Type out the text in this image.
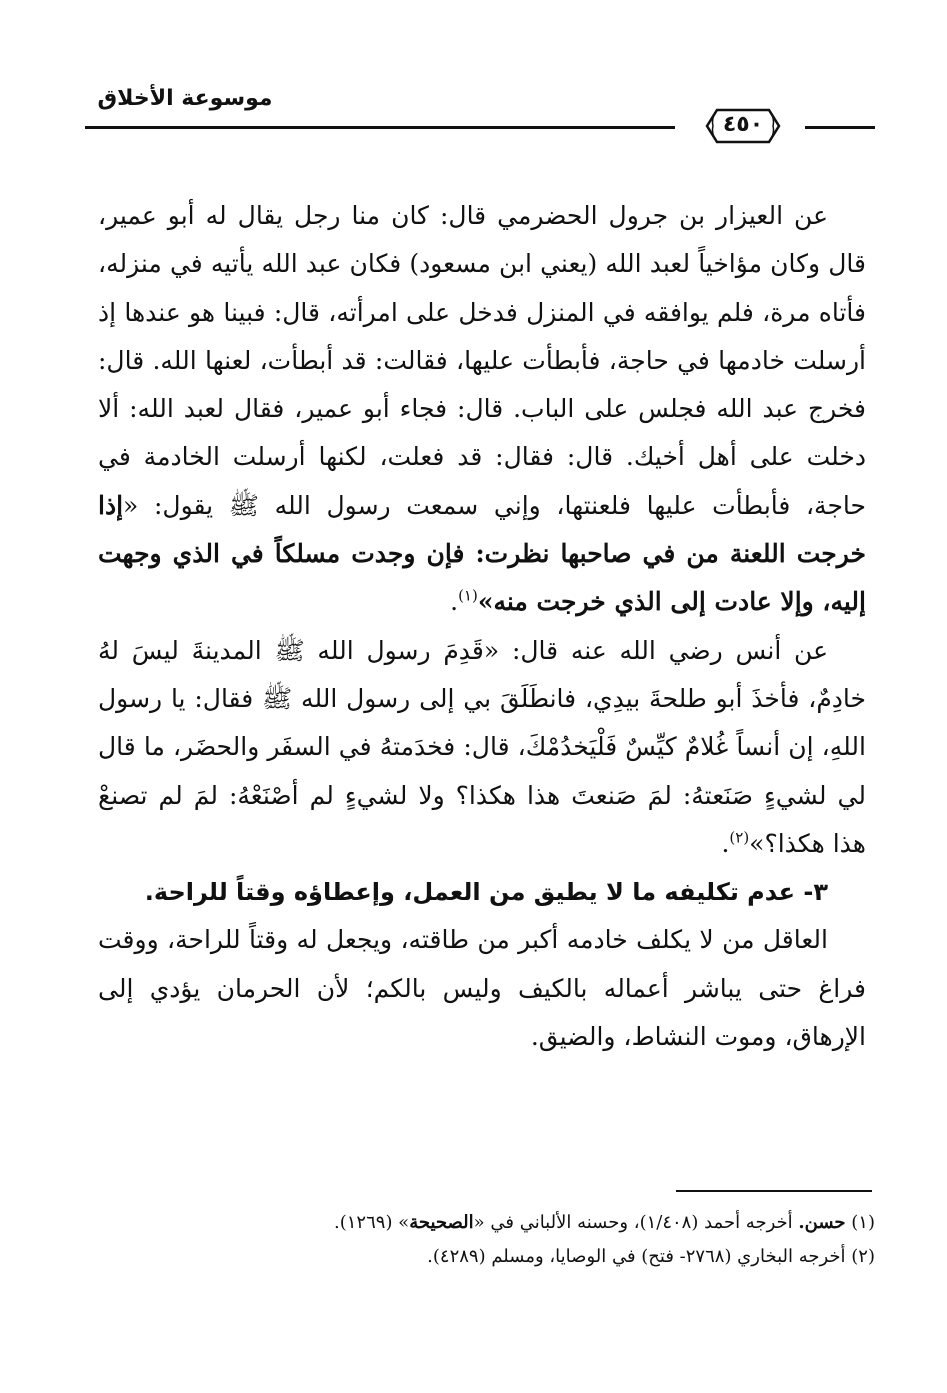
موسوعة الأخلاق
٤٥٠

عن العيزار بن جرول الحضرمي قال: كان منا رجل يقال له أبو عمير، قال وكان مؤاخياً لعبد الله (يعني ابن مسعود) فكان عبد الله يأتيه في منزله، فأتاه مرة، فلم يوافقه في المنزل فدخل على امرأته، قال: فبينا هو عندها إذ أرسلت خادمها في حاجة، فأبطأت عليها، فقالت: قد أبطأت، لعنها الله. قال: فخرج عبد الله فجلس على الباب. قال: فجاء أبو عمير، فقال لعبد الله: ألا دخلت على أهل أخيك. قال: فقال: قد فعلت، لكنها أرسلت الخادمة في حاجة، فأبطأت عليها فلعنتها، وإني سمعت رسول الله ﷺ يقول: «إذا خرجت اللعنة من في صاحبها نظرت: فإن وجدت مسلكاً في الذي وجهت إليه، وإلا عادت إلى الذي خرجت منه»$^{(١)}$.

عن أنس رضي الله عنه قال: «قَدِمَ رسول الله ﷺ المدينةَ ليسَ لهُ خادِمٌ، فأخذَ أبو طلحةَ بيدِي، فانطَلَقَ بي إلى رسول الله ﷺ فقال: يا رسول اللهِ، إن أنساً غُلامٌ كيِّسٌ فَلْيَخدُمْكَ، قال: فخدَمتهُ في السفَر والحضَر، ما قال لي لشيءٍ صَنَعتهُ: لمَ صَنعتَ هذا هكذا؟ ولا لشيءٍ لم أصْنَعْهُ: لمَ لم تصنعْ هذا هكذا؟»$^{(٢)}$.

٣- عدم تكليفه ما لا يطيق من العمل، وإعطاؤه وقتاً للراحة.

العاقل من لا يكلف خادمه أكبر من طاقته، ويجعل له وقتاً للراحة، ووقت فراغ حتى يباشر أعماله بالكيف وليس بالكم؛ لأن الحرمان يؤدي إلى الإرهاق، وموت النشاط، والضيق.

(١) حسن. أخرجه أحمد (١/٤٠٨)، وحسنه الألباني في «الصحيحة» (١٢٦٩).

(٢) أخرجه البخاري (٢٧٦٨- فتح) في الوصايا، ومسلم (٤٢٨٩).
